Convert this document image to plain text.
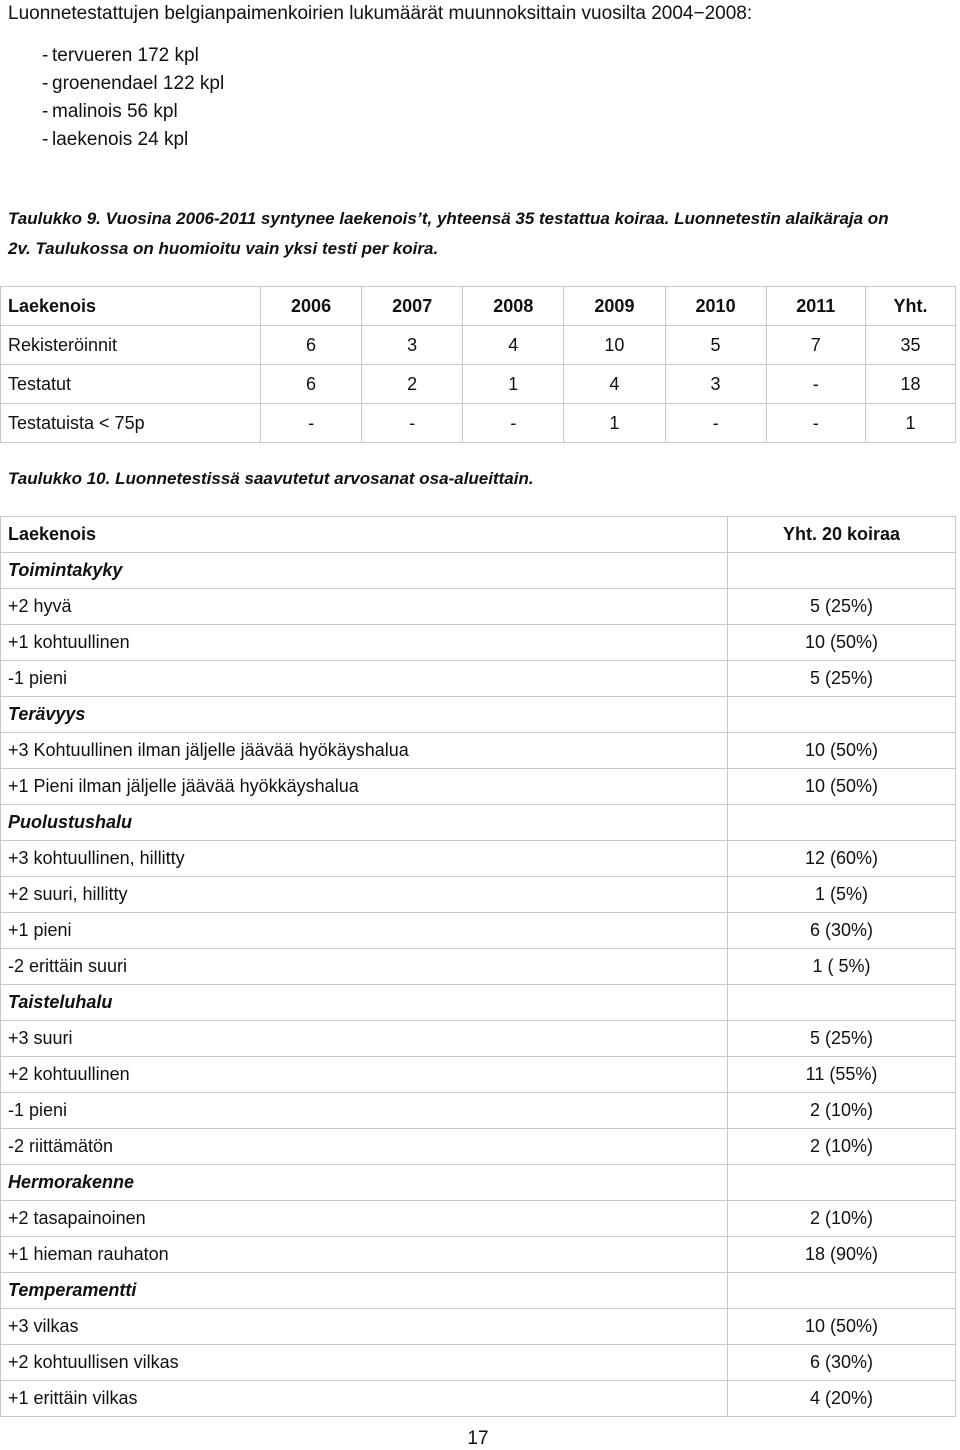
Luonnetestattujen belgianpaimenkoirien lukumäärät muunnoksittain vuosilta 2004−2008:
- tervueren 172 kpl
- groenendael 122 kpl
- malinois 56 kpl
- laekenois 24 kpl
Taulukko 9. Vuosina 2006-2011 syntynee laekenois’t, yhteensä 35 testattua koiraa. Luonnetestin alaikäraja on
2v. Taulukossa on huomioitu vain yksi testi per koira.
Laekenois	2006	2007	2008	2009	2010	2011	Yht.
Rekisteröinnit	6	3	4	10	5	7	35
Testatut	6	2	1	4	3	-	18
Testatuista < 75p	-	-	-	1	-	-	1
Taulukko 10. Luonnetestissä saavutetut arvosanat osa-alueittain.
Laekenois	Yht. 20 koiraa
Toimintakyky	
+2 hyvä	5 (25%)
+1 kohtuullinen	10 (50%)
-1 pieni	5 (25%)
Terävyys	
+3 Kohtuullinen ilman jäljelle jäävää hyökäyshalua	10 (50%)
+1 Pieni ilman jäljelle jäävää hyökkäyshalua	10 (50%)
Puolustushalu	
+3 kohtuullinen, hillitty	12 (60%)
+2 suuri, hillitty	1 (5%)
+1 pieni	6 (30%)
-2 erittäin suuri	1 ( 5%)
Taisteluhalu	
+3 suuri	5 (25%)
+2 kohtuullinen	11 (55%)
-1 pieni	2 (10%)
-2 riittämätön	2 (10%)
Hermorakenne	
+2 tasapainoinen	2 (10%)
+1 hieman rauhaton	18 (90%)
Temperamentti	
+3 vilkas	10 (50%)
+2 kohtuullisen vilkas	6 (30%)
+1 erittäin vilkas	4 (20%)
17
